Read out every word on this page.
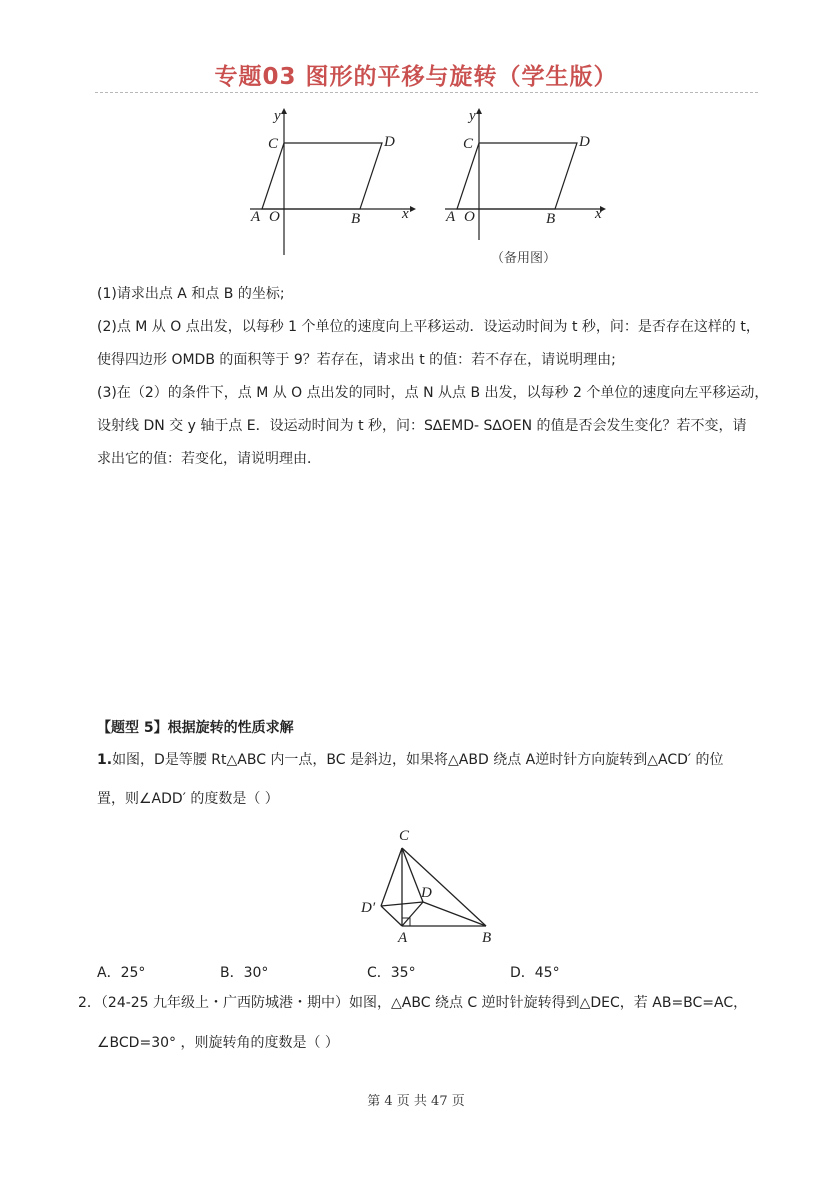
专题03 图形的平移与旋转（学生版）
y
x
C	D
A O	B
y
x
C	D
A O	B
（备用图）
(1)请求出点 A 和点 B 的坐标;
(2)点 M 从 O 点出发，以每秒 1 个单位的速度向上平移运动．设运动时间为 t 秒，问：是否存在这样的 t，
使得四边形 OMDB 的面积等于 9？若存在，请求出 t 的值：若不存在，请说明理由;
(3)在（2）的条件下，点 M 从 O 点出发的同时，点 N 从点 B 出发，以每秒 2 个单位的速度向左平移运动，
设射线 DN 交 y 轴于点 E．设运动时间为 t 秒，问：S∆EMD- S∆OEN 的值是否会发生变化？若不变，请
求出它的值：若变化，请说明理由．
【题型 5】根据旋转的性质求解
1.如图，D是等腰 Rt△ABC 内一点，BC 是斜边，如果将△ABD 绕点 A逆时针方向旋转到△ACD′ 的位
置，则∠ADD′ 的度数是（ ）
C
D
D′
A	B
A．25°	B．30°	C．35°	D．45°
2．（24-25 九年级上・广西防城港・期中）如图，△ABC 绕点 C 逆时针旋转得到△DEC，若 AB=BC=AC，
∠BCD=30° ，则旋转角的度数是（ ）
第 4 页 共 47 页
